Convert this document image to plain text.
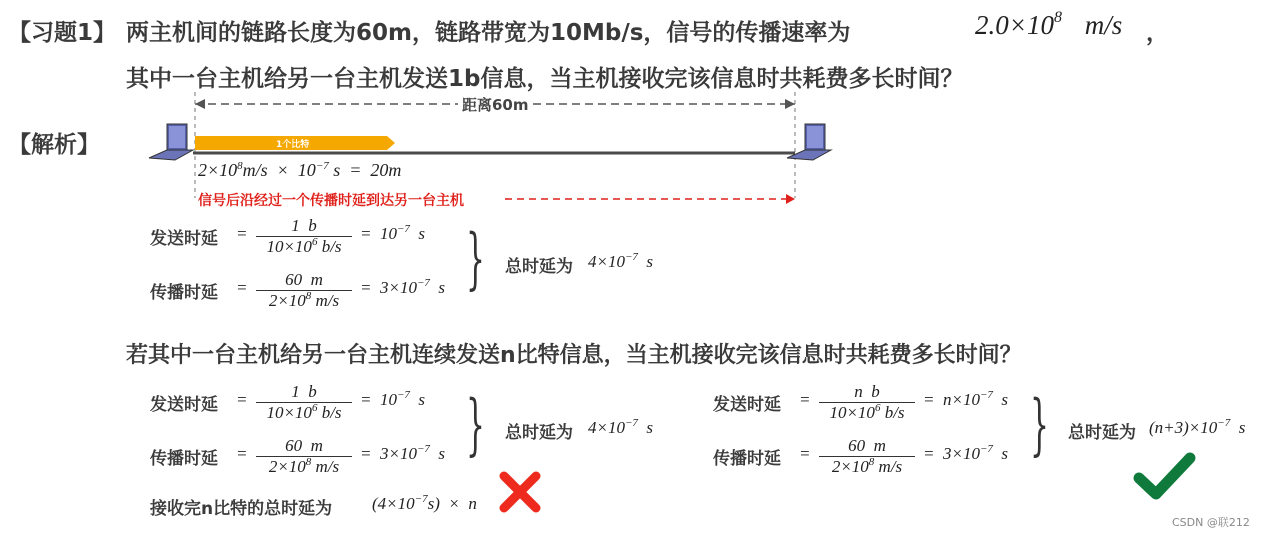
【习题1】 两主机间的链路长度为60m，链路带宽为10Mb/s，信号的传播速率为	$2.0\times 10^8$ m/s ，
其中一台主机给另一台主机发送1b信息，当主机接收完该信息时共耗费多长时间？
【解析】
距离60m
1个比特
$2\times 10^8m/s \times 10^{-7}$ s  =  20m
信号后沿经过一个传播时延到达另一台主机
发送时延 =	1  b
$10\times 10^6$ b/s
=  $10^{-7}$ s
传播时延 = 60  m
$2\times 10^8$ m/s
=  $3\times 10^{-7}$ s } 总时延为 $4\times 10^{-7}$ s
若其中一台主机给另一台主机连续发送n比特信息，当主机接收完该信息时共耗费多长时间？
发送时延 =	1  b
$10\times 10^6$ b/s
=  $10^{-7}$ s
传播时延 = 60  m
$2\times 10^8$ m/s
=  $3\times 10^{-7}$ s } 总时延为 $4\times 10^{-7}$ s
接收完n比特的总时延为 $(4\times 10^{-7}s) \times n$
发送时延 =	n  b
$10\times 10^6$ b/s
=  $n\times 10^{-7}$ s
传播时延 = 60  m
$2\times 10^8$ m/s
=  $3\times 10^{-7}$ s } 总时延为 $(n+3)\times 10^{-7}$ s
CSDN @联212
